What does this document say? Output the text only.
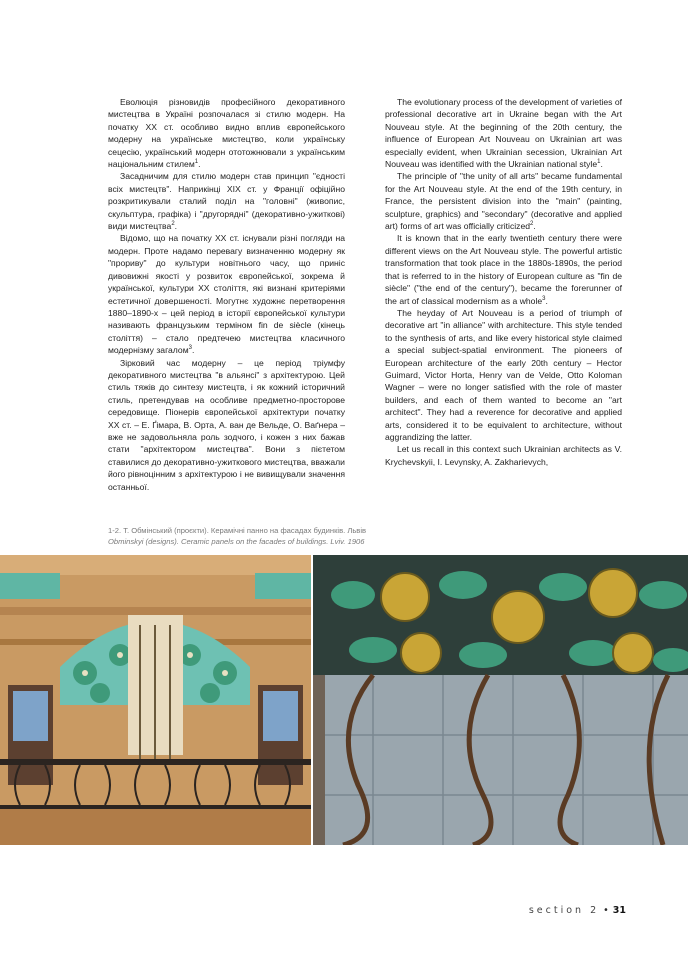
Еволюція різновидів професійного декоративного мистецтва в Україні розпочалася зі стилю модерн. На початку XX ст. особливо видно вплив європейського модерну на українське мистецтво, коли українську сецесію, український модерн ототожнювали з українським національним стилем$^1$.

Засадничим для стилю модерн став принцип "єдності всіх мистецтв". Наприкінці XIX ст. у Франції офіційно розкритикували сталий поділ на "головні" (живопис, скульптура, графіка) і "другорядні" (декоративно-ужиткові) види мистецтва$^2$.

Відомо, що на початку XX ст. існували різні погляди на модерн. Проте надамо перевагу визначенню модерну як "прориву" до культури новітнього часу, що приніс дивовижні якості у розвиток європейської, зокрема й української, культури XX століття, які визнані критеріями естетичної довершеності. Могутнє художнє перетворення 1880–1890-х – цей період в історії європейської культури називають французьким терміном fin de siècle (кінець століття) – стало предтечею мистецтва класичного модернізму загалом$^3$.

Зірковий час модерну – це період тріумфу декоративного мистецтва "в альянсі" з архітектурою. Цей стиль тяжів до синтезу мистецтв, і як кожний історичний стиль, претендував на особливе предметно-просторове середовище. Піонерів європейської архітектури початку XX ст. – Е. Ґімара, В. Орта, А. ван де Вельде, О. Ваґнера – вже не задовольняла роль зодчого, і кожен з них бажав стати "архітектором мистецтва". Вони з пієтетом ставилися до декоративно-ужиткового мистецтва, вважали його рівноцінним з архітектурою і не вивищували значення останньої.

The evolutionary process of the development of varieties of professional decorative art in Ukraine began with the Art Nouveau style. At the beginning of the 20th century, the influence of European Art Nouveau on Ukrainian art was especially evident, when Ukrainian secession, Ukrainian Art Nouveau was identified with the Ukrainian national style$^1$.

The principle of "the unity of all arts" became fundamental for the Art Nouveau style. At the end of the 19th century, in France, the persistent division into the "main" (painting, sculpture, graphics) and "secondary" (decorative and applied art) forms of art was officially criticized$^2$.

It is known that in the early twentieth century there were different views on the Art Nouveau style. The powerful artistic transformation that took place in the 1880s-1890s, the period that is referred to in the history of European culture as "fin de siècle" ("the end of the century"), became the forerunner of the art of classical modernism as a whole$^3$.

The heyday of Art Nouveau is a period of triumph of decorative art "in alliance" with architecture. This style tended to the synthesis of arts, and like every historical style claimed a special subject-spatial environment. The pioneers of European architecture of the early 20th century – Hector Guimard, Victor Horta, Henry van de Velde, Otto Koloman Wagner – were no longer satisfied with the role of master builders, and each of them wanted to become an "art architect". They had a reverence for decorative and applied arts, considered it to be equivalent to architecture, without aggrandizing the latter.

Let us recall in this context such Ukrainian architects as V. Krychevskyii, I. Levynsky, A. Zakharievych,

1-2. Т. Обмінський (проєкти). Керамічні панно на фасадах будинків. Львів
Obminskyi (designs). Ceramic panels on the facades of buildings. Lviv. 1906
section 2 • 31
